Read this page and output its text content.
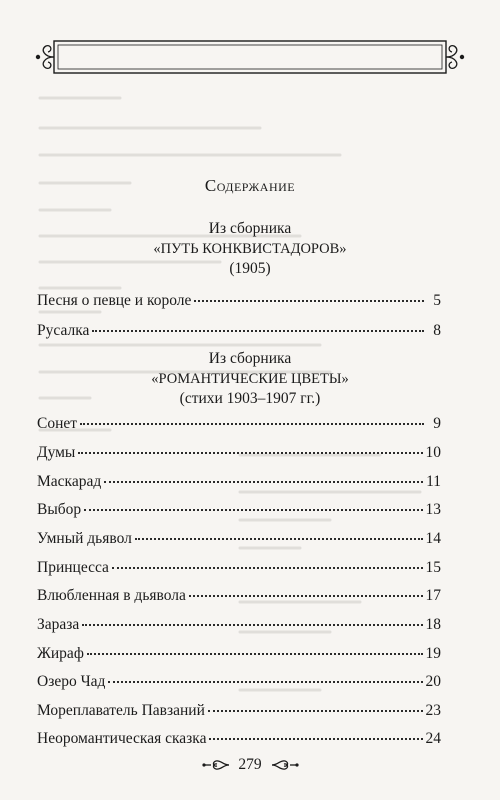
Содержание
Из сборника
«ПУТЬ КОНКВИСТАДОРОВ»
(1905)
Песня о певце и короле	5
Русалка	8
Из сборника
«РОМАНТИЧЕСКИЕ ЦВЕТЫ»
(стихи 1903–1907 гг.)
Сонет	9
Думы	10
Маскарад	11
Выбор	13
Умный дьявол	14
Принцесса	15
Влюбленная в дьявола	17
Зараза	18
Жираф	19
Озеро Чад	20
Мореплаватель Павзаний	23
Неоромантическая сказка	24
279
